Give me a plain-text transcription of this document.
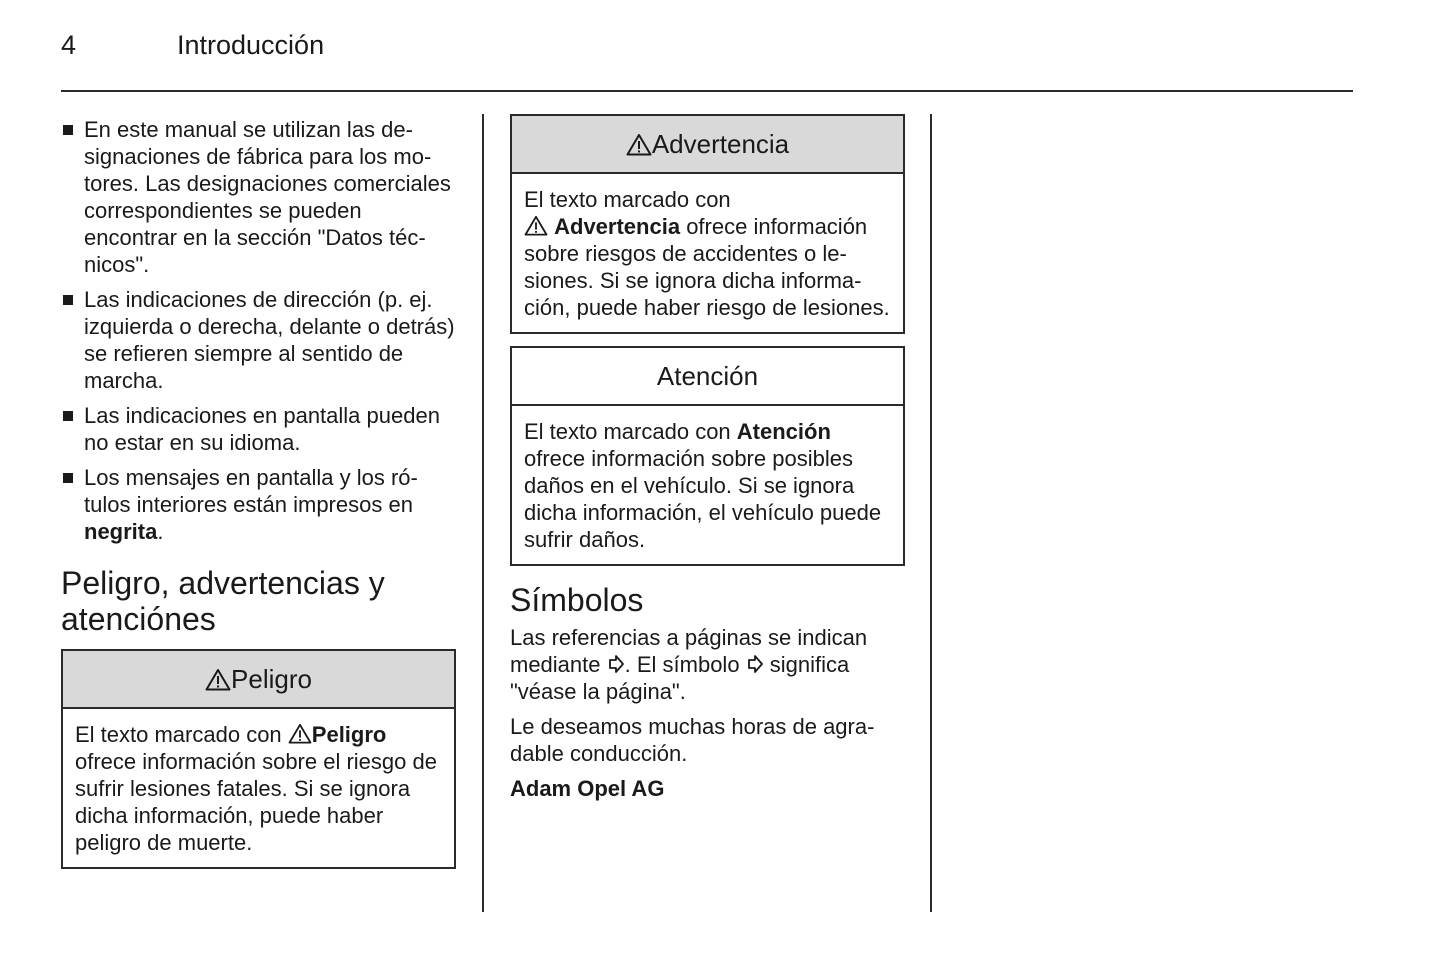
4	Introducción
En este manual se utilizan las designaciones de fábrica para los motores. Las designaciones comerciales correspondientes se pueden encontrar en la sección "Datos técnicos".
Las indicaciones de dirección (p. ej. izquierda o derecha, delante o detrás) se refieren siempre al sentido de marcha.
Las indicaciones en pantalla pueden no estar en su idioma.
Los mensajes en pantalla y los rótulos interiores están impresos en negrita.
Peligro, advertencias y atenciónes
Peligro
El texto marcado con Peligro ofrece información sobre el riesgo de sufrir lesiones fatales. Si se ignora dicha información, puede haber peligro de muerte.
Advertencia
El texto marcado con
Advertencia ofrece información sobre riesgos de accidentes o lesiones. Si se ignora dicha información, puede haber riesgo de lesiones.
Atención
El texto marcado con Atención ofrece información sobre posibles daños en el vehículo. Si se ignora dicha información, el vehículo puede sufrir daños.
Símbolos

Las referencias a páginas se indican mediante . El símbolo  significa "véase la página".

Le deseamos muchas horas de agradable conducción.

Adam Opel AG
